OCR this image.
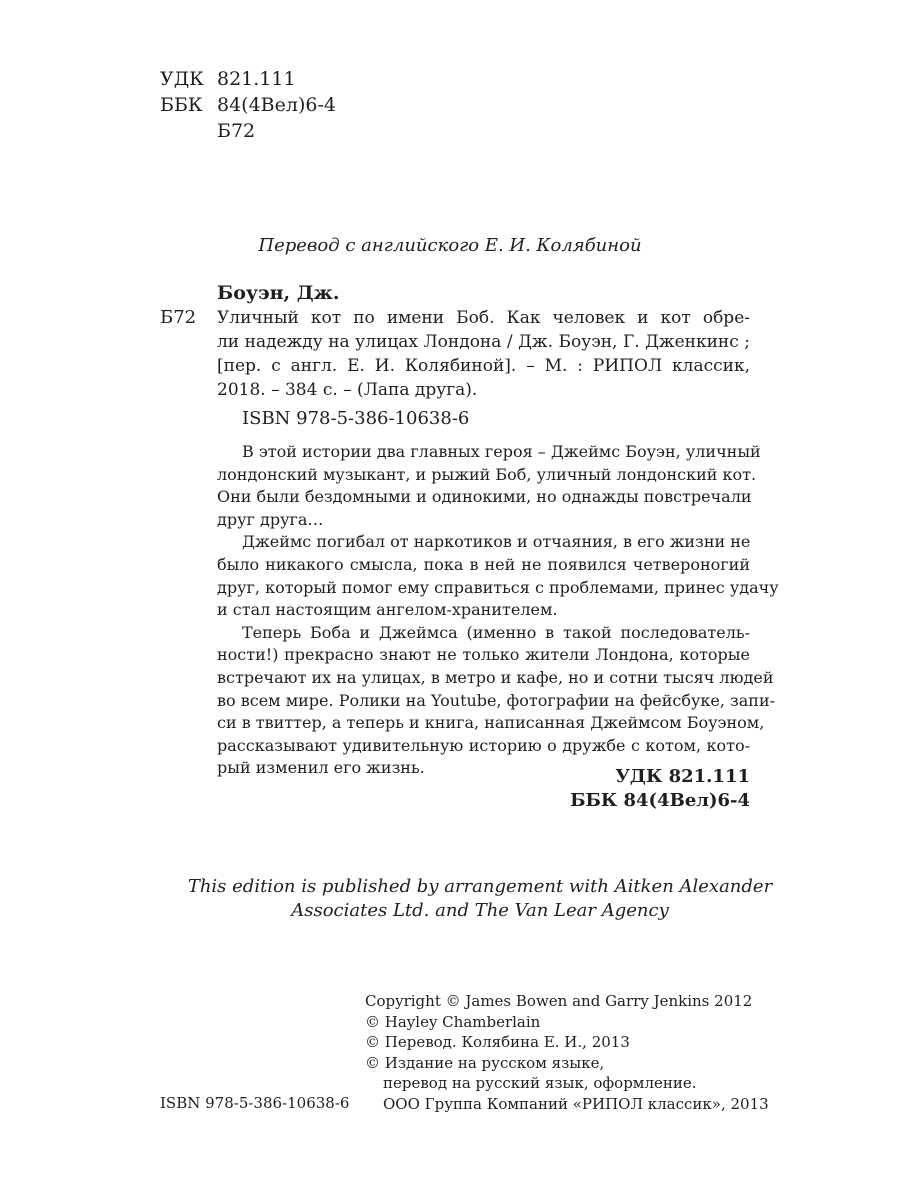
УДК 821.111
ББК 84(4Вел)6-4
Б72
Перевод с английского Е. И. Колябиной
Боуэн, Дж.
Б72 Уличный кот по имени Боб. Как человек и кот обре-
ли надежду на улицах Лондона / Дж. Боуэн, Г. Дженкинс ;
[пер. с англ. Е. И. Колябиной]. – М. : РИПОЛ классик,
2018. – 384 с. – (Лапа друга).
ISBN 978-5-386-10638-6
В этой истории два главных героя – Джеймс Боуэн, уличный
лондонский музыкант, и рыжий Боб, уличный лондонский кот.
Они были бездомными и одинокими, но однажды повстречали
друг друга…
Джеймс погибал от наркотиков и отчаяния, в его жизни не
было никакого смысла, пока в ней не появился четвероногий
друг, который помог ему справиться с проблемами, принес удачу
и стал настоящим ангелом-хранителем.
Теперь Боба и Джеймса (именно в такой последователь-
ности!) прекрасно знают не только жители Лондона, которые
встречают их на улицах, в метро и кафе, но и сотни тысяч людей
во всем мире. Ролики на Youtube, фотографии на фейсбуке, запи-
си в твиттер, а теперь и книга, написанная Джеймсом Боуэном,
рассказывают удивительную историю о дружбе с котом, кото-
рый изменил его жизнь.	УДК 821.111
ББК 84(4Вел)6-4
This edition is published by arrangement with Aitken Alexander
Associates Ltd. and The Van Lear Agency
Copyright © James Bowen and Garry Jenkins 2012
© Hayley Chamberlain
© Перевод. Колябина Е. И., 2013
© Издание на русском языке,
перевод на русский язык, оформление.
ООО Группа Компаний «РИПОЛ классик», 2013
ISBN 978-5-386-10638-6
